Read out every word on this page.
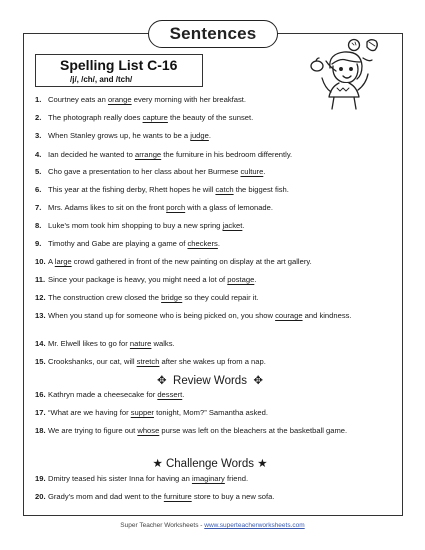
Sentences
Spelling List C-16
/j/, /ch/, and /tch/
1. Courtney eats an orange every morning with her breakfast.
2. The photograph really does capture the beauty of the sunset.
3. When Stanley grows up, he wants to be a judge.
4. Ian decided he wanted to arrange the furniture in his bedroom differently.
5. Cho gave a presentation to her class about her Burmese culture.
6. This year at the fishing derby, Rhett hopes he will catch the biggest fish.
7. Mrs. Adams likes to sit on the front porch with a glass of lemonade.
8. Luke's mom took him shopping to buy a new spring jacket.
9. Timothy and Gabe are playing a game of checkers.
10. A large crowd gathered in front of the new painting on display at the art gallery.
11. Since your package is heavy, you might need a lot of postage.
12. The construction crew closed the bridge so they could repair it.
13. When you stand up for someone who is being picked on, you show courage and kindness.
14. Mr. Elwell likes to go for nature walks.
15. Crookshanks, our cat, will stretch after she wakes up from a nap.
✥ Review Words ✥
16. Kathryn made a cheesecake for dessert.
17. “What are we having for supper tonight, Mom?” Samantha asked.
18. We are trying to figure out whose purse was left on the bleachers at the basketball game.
★ Challenge Words ★
19. Dmitry teased his sister Inna for having an imaginary friend.
20. Grady's mom and dad went to the furniture store to buy a new sofa.
Super Teacher Worksheets - www.superteacherworksheets.com
